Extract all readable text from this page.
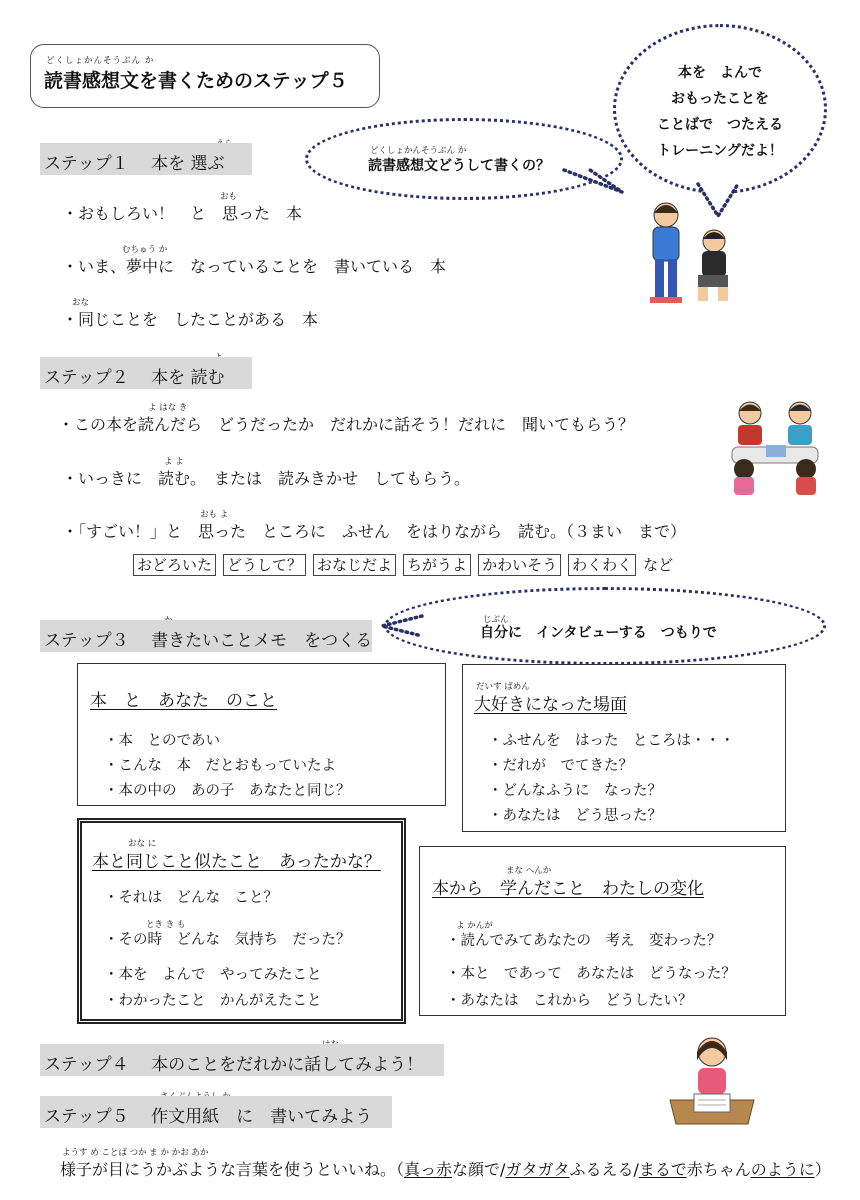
どくしょかんそうぶん か
読書感想文を書くためのステップ５	本を　よんで
おもったことを
ことばで　つたえる
トレーニングだよ！
どくしょかんそうぶん か
読書感想文どうして書くの？
ステップ１　 本を 選ぶ
おも
・おもしろい！　と　思った　本
むちゅう か
・いま、夢中に　なっていることを　書いている　本
おな
・同じことを　したことがある　本
ステップ２　 本を 読む
よ はな き
・この本を読んだら　どうだったか　だれかに話そう！だれに　聞いてもらう？
よ よ
・いっきに　読む。　または　読みきかせ　してもらう。
おも よ
・「すごい！」と　思った　ところに　ふせん　をはりながら　読む。（３まい　まで）
おどろいた どうして？ おなじだよ ちがうよ かわいそう わくわく など
じぶん
自分に　インタビューする　つもりで
ステップ３　 書きたいことメモ　をつくる
本　と　あなた　のこと
・本　とのであい
・こんな　本　だとおもっていたよ
・本の中の　あの子　あなたと同じ？
だいす ばめん
大好きになった場面
・ふせんを　はった　ところは・・・
・だれが　でてきた？
・どんなふうに　なった？
・あなたは　どう思った？
おな に
本と同じこと似たこと　あったかな？
・それは　どんな　こと？
とき き も
・その時　どんな　気持ち　だった？
・本を　よんで　やってみたこと
・わかったこと　かんがえたこと
まな へんか
本から　学んだこと　わたしの変化
よ かんが
・読んでみてあなたの　考え　変わった？
・本と　であって　あなたは　どうなった？
・あなたは　これから　どうしたい？
ステップ４　 本のことをだれかに話してみよう！
ステップ５　 作文用紙　に　書いてみよう
ようす め ことば つか ま か かお あか
様子が目にうかぶような言葉を使うといいね。（真っ赤な顔で/ガタガタふるえる/まるで赤ちゃんのように）
